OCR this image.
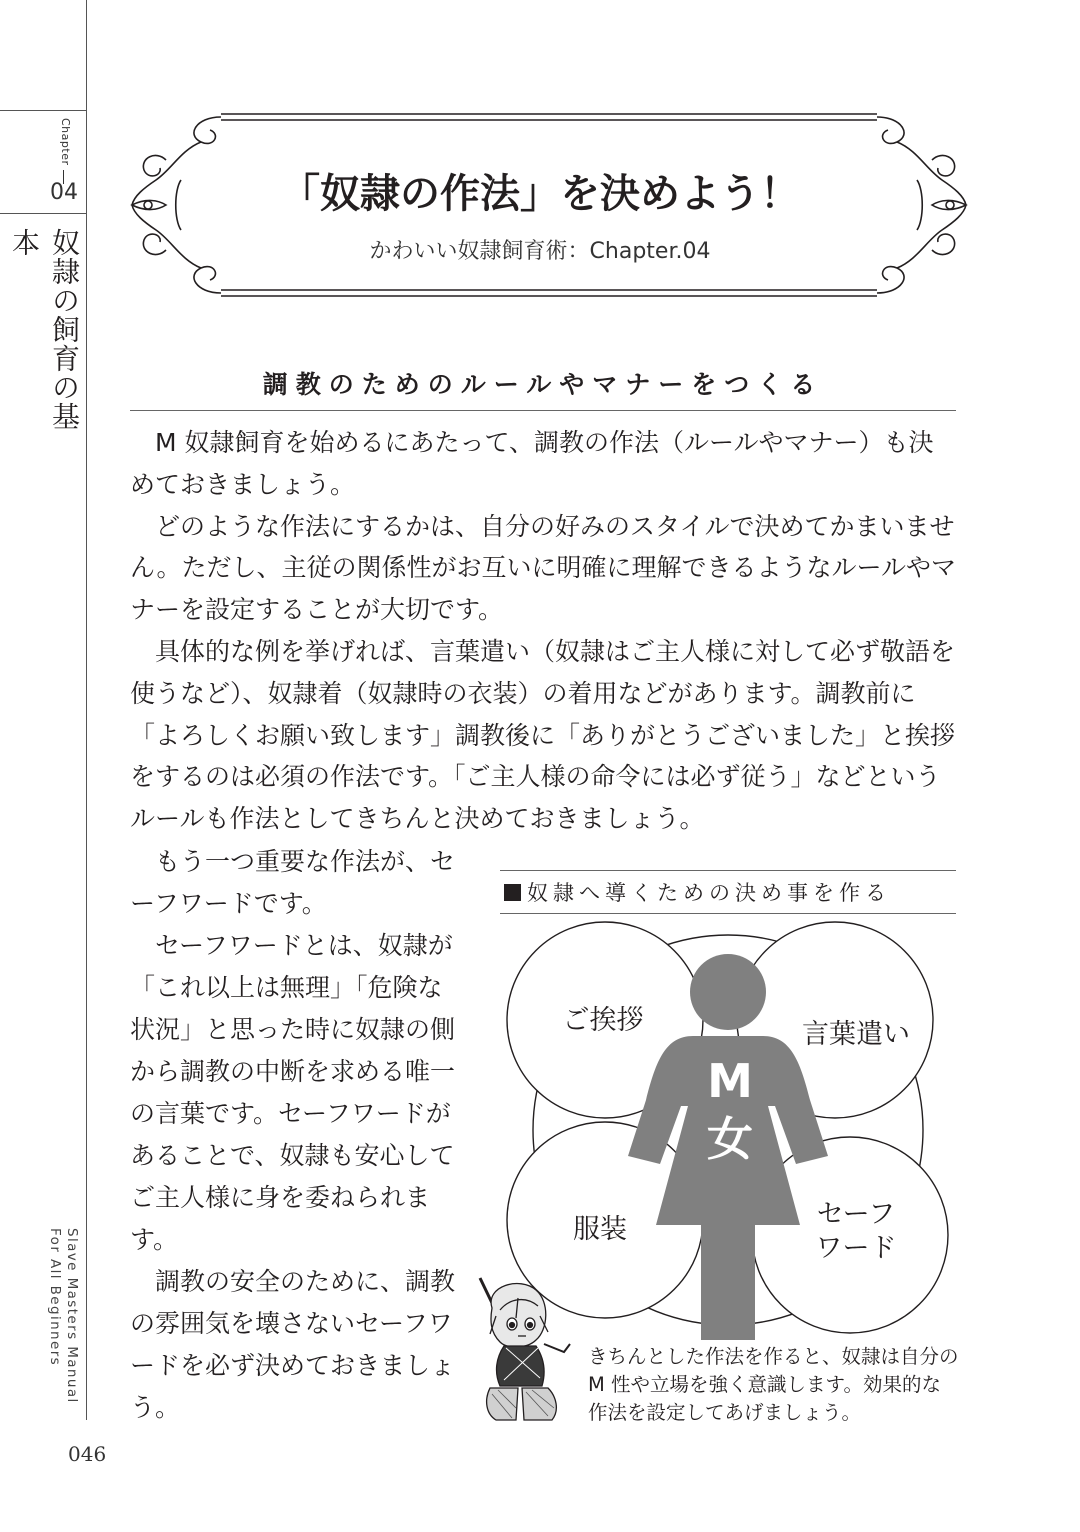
Chapter
04
奴隷の飼育の基本
Slave Masters Manual
For All Beginners
046
「奴隷の作法」を決めよう！
かわいい奴隷飼育術：Chapter.04
調教のためのルールやマナーをつくる

M 奴隷飼育を始めるにあたって、調教の作法（ルールやマナー）も決めておきましょう。

どのような作法にするかは、自分の好みのスタイルで決めてかまいません。ただし、主従の関係性がお互いに明確に理解できるようなルールやマナーを設定することが大切です。

具体的な例を挙げれば、言葉遣い（奴隷はご主人様に対して必ず敬語を使うなど）、奴隷着（奴隷時の衣装）の着用などがあります。調教前に「よろしくお願い致します」調教後に「ありがとうございました」と挨拶をするのは必須の作法です。「ご主人様の命令には必ず従う」などというルールも作法としてきちんと決めておきましょう。

もう一つ重要な作法が、セーフワードです。

セーフワードとは、奴隷が「これ以上は無理」「危険な状況」と思った時に奴隷の側から調教の中断を求める唯一の言葉です。セーフワードがあることで、奴隷も安心してご主人様に身を委ねられます。

調教の安全のために、調教の雰囲気を壊さないセーフワードを必ず決めておきましょう。

奴隷へ導くための決め事を作る
ご挨拶	言葉遣い
服装	セーフ
ワード
M
女
きちんとした作法を作ると、奴隷は自分の M 性や立場を強く意識します。効果的な作法を設定してあげましょう。
